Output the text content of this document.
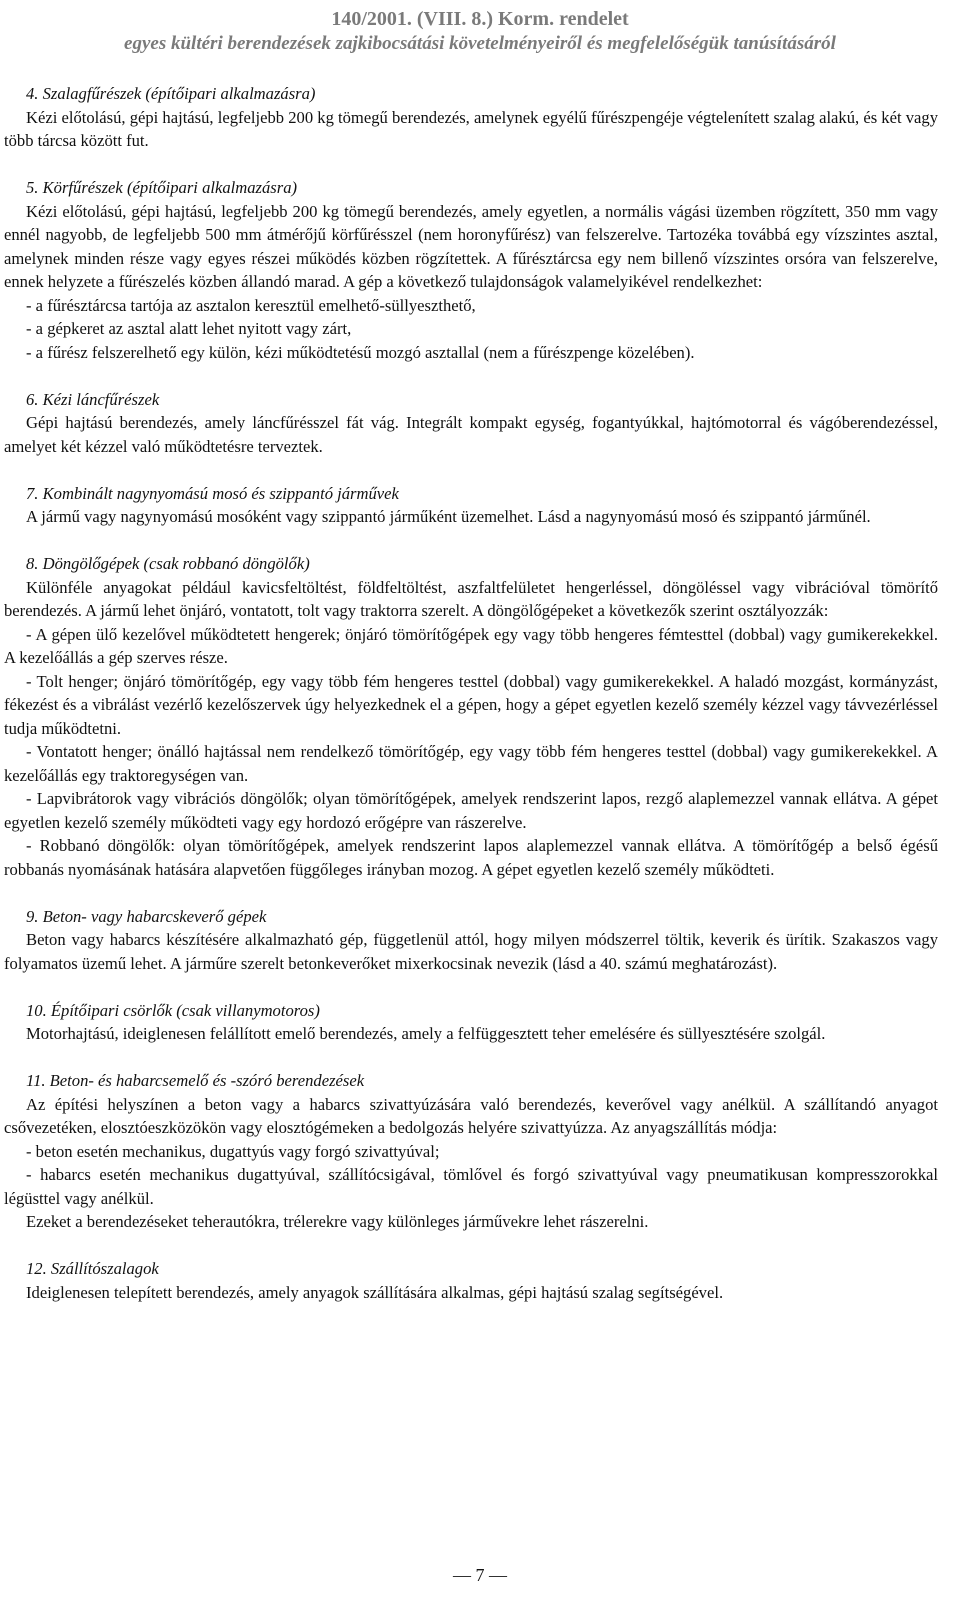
140/2001. (VIII. 8.) Korm. rendelet
egyes kültéri berendezések zajkibocsátási követelményeiről és megfelelőségük tanúsításáról
4. Szalagfűrészek (építőipari alkalmazásra)

Kézi előtolású, gépi hajtású, legfeljebb 200 kg tömegű berendezés, amelynek egyélű fűrészpengéje végtelenített szalag alakú, és két vagy több tárcsa között fut.

5. Körfűrészek (építőipari alkalmazásra)

Kézi előtolású, gépi hajtású, legfeljebb 200 kg tömegű berendezés, amely egyetlen, a normális vágási üzemben rögzített, 350 mm vagy ennél nagyobb, de legfeljebb 500 mm átmérőjű körfűrésszel (nem horonyfűrész) van felszerelve. Tartozéka továbbá egy vízszintes asztal, amelynek minden része vagy egyes részei működés közben rögzítettek. A fűrésztárcsa egy nem billenő vízszintes orsóra van felszerelve, ennek helyzete a fűrészelés közben állandó marad. A gép a következő tulajdonságok valamelyikével rendelkezhet:

- a fűrésztárcsa tartója az asztalon keresztül emelhető-süllyeszthető,

- a gépkeret az asztal alatt lehet nyitott vagy zárt,

- a fűrész felszerelhető egy külön, kézi működtetésű mozgó asztallal (nem a fűrészpenge közelében).

6. Kézi láncfűrészek

Gépi hajtású berendezés, amely láncfűrésszel fát vág. Integrált kompakt egység, fogantyúkkal, hajtómotorral és vágóberendezéssel, amelyet két kézzel való működtetésre terveztek.

7. Kombinált nagynyomású mosó és szippantó járművek

A jármű vagy nagynyomású mosóként vagy szippantó járműként üzemelhet. Lásd a nagynyomású mosó és szippantó járműnél.

8. Döngölőgépek (csak robbanó döngölők)

Különféle anyagokat például kavicsfeltöltést, földfeltöltést, aszfaltfelületet hengerléssel, döngöléssel vagy vibrációval tömörítő berendezés. A jármű lehet önjáró, vontatott, tolt vagy traktorra szerelt. A döngölőgépeket a következők szerint osztályozzák:

- A gépen ülő kezelővel működtetett hengerek; önjáró tömörítőgépek egy vagy több hengeres fémtesttel (dobbal) vagy gumikerekekkel. A kezelőállás a gép szerves része.

- Tolt henger; önjáró tömörítőgép, egy vagy több fém hengeres testtel (dobbal) vagy gumikerekekkel. A haladó mozgást, kormányzást, fékezést és a vibrálást vezérlő kezelőszervek úgy helyezkednek el a gépen, hogy a gépet egyetlen kezelő személy kézzel vagy távvezérléssel tudja működtetni.

- Vontatott henger; önálló hajtással nem rendelkező tömörítőgép, egy vagy több fém hengeres testtel (dobbal) vagy gumikerekekkel. A kezelőállás egy traktoregységen van.

- Lapvibrátorok vagy vibrációs döngölők; olyan tömörítőgépek, amelyek rendszerint lapos, rezgő alaplemezzel vannak ellátva. A gépet egyetlen kezelő személy működteti vagy egy hordozó erőgépre van rászerelve.

- Robbanó döngölők: olyan tömörítőgépek, amelyek rendszerint lapos alaplemezzel vannak ellátva. A tömörítőgép a belső égésű robbanás nyomásának hatására alapvetően függőleges irányban mozog. A gépet egyetlen kezelő személy működteti.

9. Beton- vagy habarcskeverő gépek

Beton vagy habarcs készítésére alkalmazható gép, függetlenül attól, hogy milyen módszerrel töltik, keverik és ürítik. Szakaszos vagy folyamatos üzemű lehet. A járműre szerelt betonkeverőket mixerkocsinak nevezik (lásd a 40. számú meghatározást).

10. Építőipari csörlők (csak villanymotoros)

Motorhajtású, ideiglenesen felállított emelő berendezés, amely a felfüggesztett teher emelésére és süllyesztésére szolgál.

11. Beton- és habarcsemelő és -szóró berendezések

Az építési helyszínen a beton vagy a habarcs szivattyúzására való berendezés, keverővel vagy anélkül. A szállítandó anyagot csővezetéken, elosztóeszközökön vagy elosztógémeken a bedolgozás helyére szivattyúzza. Az anyagszállítás módja:

- beton esetén mechanikus, dugattyús vagy forgó szivattyúval;

- habarcs esetén mechanikus dugattyúval, szállítócsigával, tömlővel és forgó szivattyúval vagy pneumatikusan kompresszorokkal légüsttel vagy anélkül.

Ezeket a berendezéseket teherautókra, trélerekre vagy különleges járművekre lehet rászerelni.

12. Szállítószalagok

Ideiglenesen telepített berendezés, amely anyagok szállítására alkalmas, gépi hajtású szalag segítségével.

— 7 —
